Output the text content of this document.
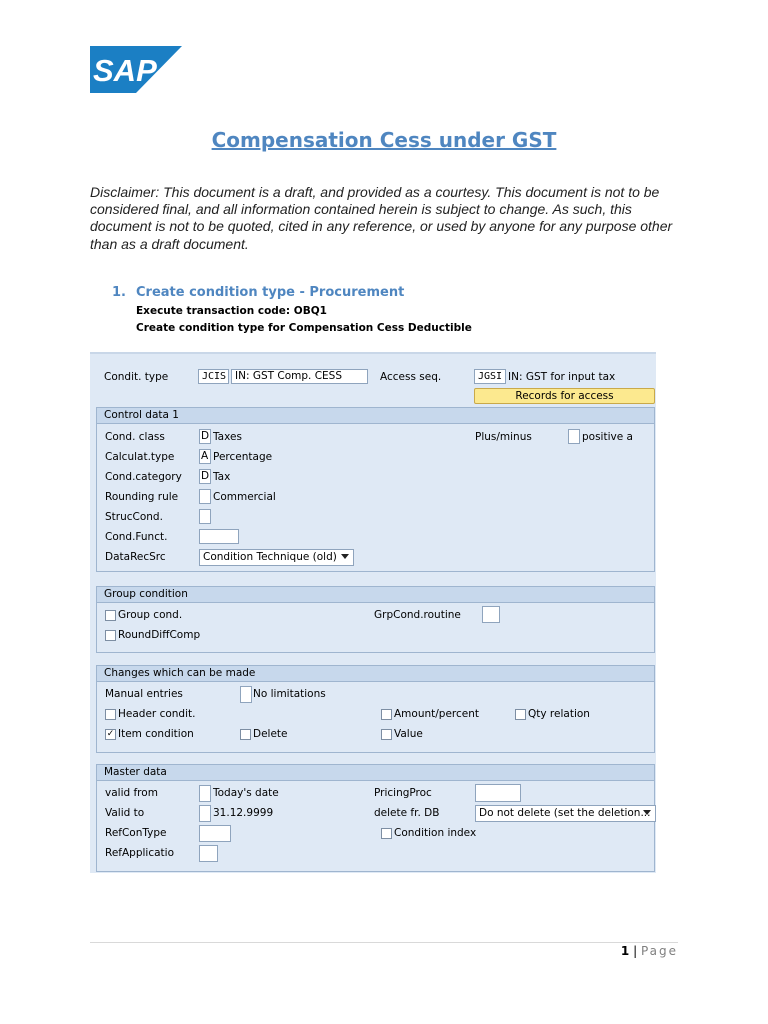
SAP
®
Compensation Cess under GST
Disclaimer: This document is a draft, and provided as a courtesy. This document is not to be considered final, and all information contained herein is subject to change. As such, this document is not to be quoted, cited in any reference, or used by anyone for any purpose other than as a draft document.
1. Create condition type - Procurement
Execute transaction code: OBQ1
Create condition type for Compensation Cess Deductible
Condit. type	JCIS IN: GST Comp. CESS	Access seq.	JGSI IN: GST for input tax
Records for access
Control data 1
Cond. class	D Taxes	Plus/minus	positive a
Calculat.type	A Percentage
Cond.category D Tax
Rounding rule	Commercial
StrucCond.
Cond.Funct.
DataRecSrc	Condition Technique (old)
Group condition
Group cond.	GrpCond.routine
RoundDiffComp
Changes which can be made
Manual entries	No limitations
Header condit.	Amount/percent	Qty relation
✓ Item condition	Delete	Value
Master data
valid from	Today's date	PricingProc
Valid to	31.12.9999	delete fr. DB	Do not delete (set the deletion...
RefConType	Condition index
RefApplicatio
1 | Page
